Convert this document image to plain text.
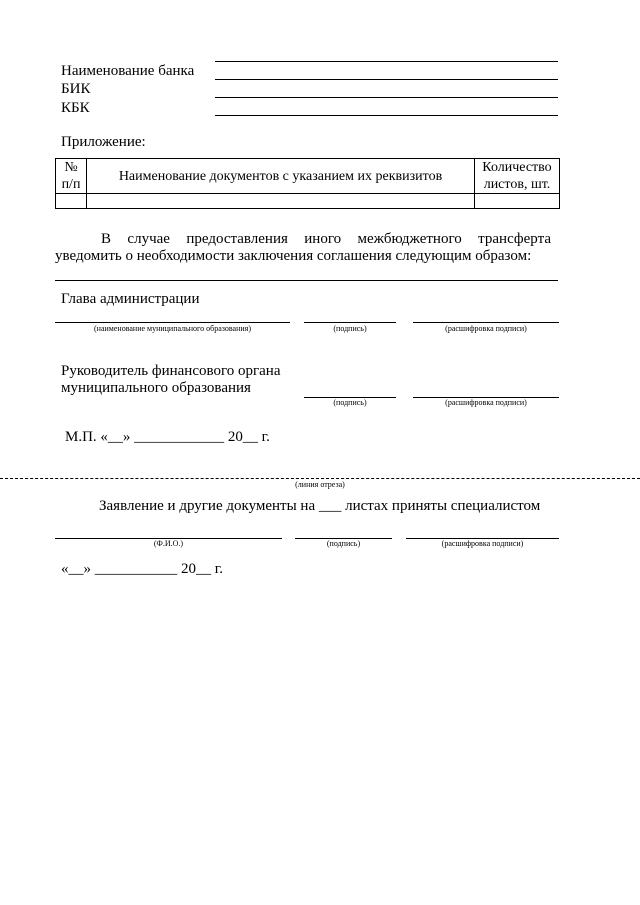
Наименование банка
БИК
КБК
Приложение:
№ п/п	Наименование документов с указанием их реквизитов	Количество листов, шт.

В случае предоставления иного межбюджетного трансферта
уведомить о необходимости заключения соглашения следующим образом:
Глава администрации
(наименование муниципального образования)	(подпись)	(расшифровка подписи)
Руководитель финансового органа
муниципального образования
(подпись)	(расшифровка подписи)
М.П. «__» ____________ 20__ г.
(линия отреза)
Заявление и другие документы на ___ листах приняты специалистом
(Ф.И.О.)	(подпись)	(расшифровка подписи)
«__» ___________ 20__ г.
